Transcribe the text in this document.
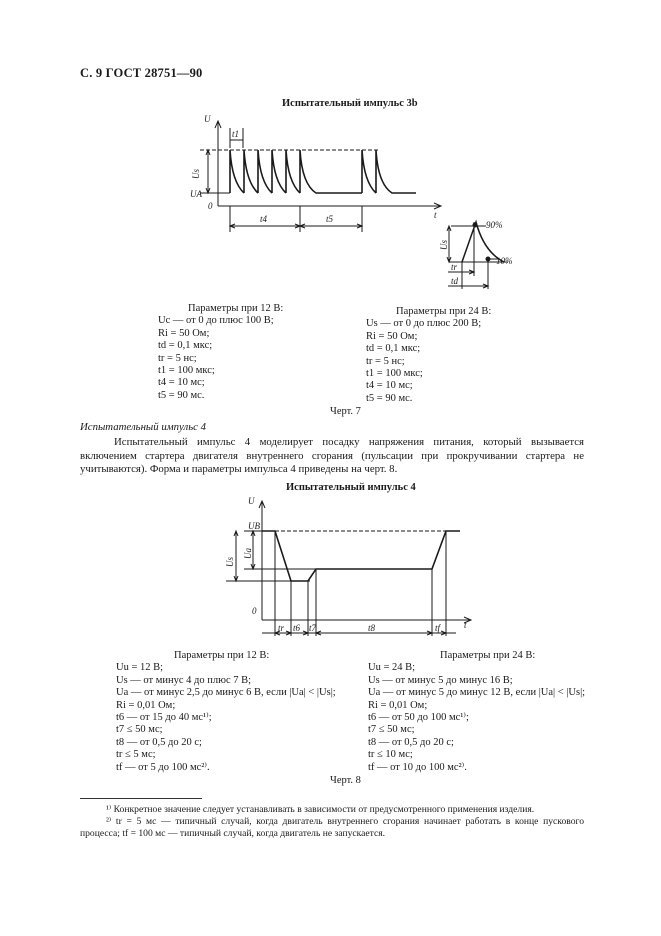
С. 9 ГОСТ 28751—90
Испытательный импульс 3b
U
0
Us
UA
t1
t4	t5	t
90%
10%
Us
tr
td
Параметры при 12 В:
Uc — от 0 до плюс 100 В;
Ri = 50 Ом;
td = 0,1 мкс;
tr = 5 нс;
t1 = 100 мкс;
t4 = 10 мс;
t5 = 90 мс.
Параметры при 24 В:
Us — от 0 до плюс 200 В;
Ri = 50 Ом;
td = 0,1 мкс;
tr = 5 нс;
t1 = 100 мкс;
t4 = 10 мс;
t5 = 90 мс.
Черт. 7
Испытательный импульс 4
Испытательный импульс 4 моделирует посадку напряжения питания, который вызывается включением стартера двигателя внутреннего сгорания (пульсации при прокручивании стартера не учитываются). Форма и параметры импульса 4 приведены на черт. 8.
Испытательный импульс 4
U
0
UB
Ua
Us
tr t6 t7	t8	tf	t
Параметры при 12 В:
Uu = 12 В;
Us — от минус 4 до плюс 7 В;
Ua — от минус 2,5 до минус 6 В, если |Ua| < |Us|;
Ri = 0,01 Ом;
t6 — от 15 до 40 мс¹⁾;
t7 ≤ 50 мс;
t8 — от 0,5 до 20 с;
tr ≤ 5 мс;
tf — от 5 до 100 мс²⁾.
Параметры при 24 В:
Uu = 24 В;
Us — от минус 5 до минус 16 В;
Ua — от минус 5 до минус 12 В, если |Ua| < |Us|;
Ri = 0,01 Ом;
t6 — от 50 до 100 мс¹⁾;
t7 ≤ 50 мс;
t8 — от 0,5 до 20 с;
tr ≤ 10 мс;
tf — от 10 до 100 мс²⁾.
Черт. 8
¹⁾ Конкретное значение следует устанавливать в зависимости от предусмотренного применения изделия.
²⁾ tr = 5 мс — типичный случай, когда двигатель внутреннего сгорания начинает работать в конце пускового процесса; tf = 100 мс — типичный случай, когда двигатель не запускается.
